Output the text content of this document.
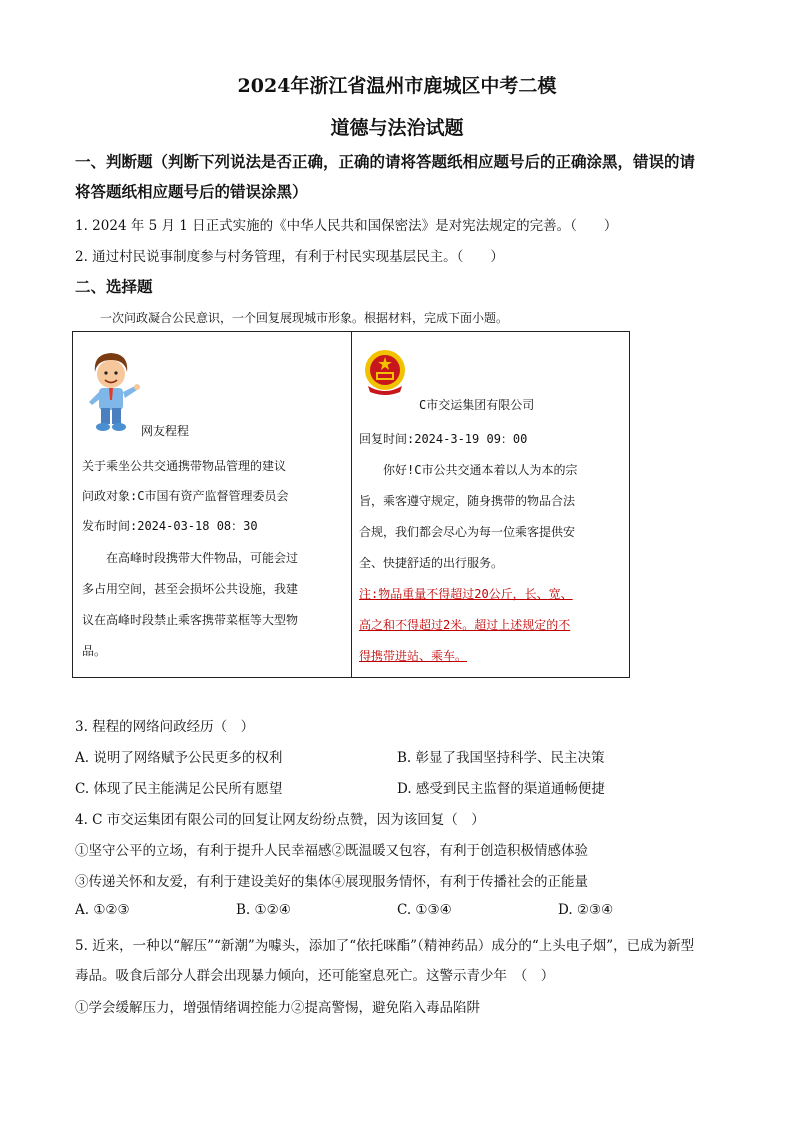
2024年浙江省温州市鹿城区中考二模
道德与法治试题
一、判断题（判断下列说法是否正确，正确的请将答题纸相应题号后的正确涂黑，错误的请
将答题纸相应题号后的错误涂黑）
1. 2024 年 5 月 1 日正式实施的《中华人民共和国保密法》是对宪法规定的完善。（　　）
2. 通过村民说事制度参与村务管理，有利于村民实现基层民主。（　　）
二、选择题
一次问政凝合公民意识，一个回复展现城市形象。根据材料，完成下面小题。
网友程程
关于乘坐公共交通携带物品管理的建议
问政对象:C市国有资产监督管理委员会
发布时间:2024-03-18 08：30
　　在高峰时段携带大件物品，可能会过
多占用空间，甚至会损坏公共设施，我建
议在高峰时段禁止乘客携带菜框等大型物
品。
C市交运集团有限公司
回复时间:2024-3-19 09：00
　　你好!C市公共交通本着以人为本的宗
旨，乘客遵守规定，随身携带的物品合法
合规，我们都会尽心为每一位乘客提供安
全、快捷舒适的出行服务。
注:物品重量不得超过20公斤，长、宽、
高之和不得超过2米。超过上述规定的不
得携带进站、乘车。
3. 程程的网络问政经历（　）
A. 说明了网络赋予公民更多的权利	B. 彰显了我国坚持科学、民主决策
C. 体现了民主能满足公民所有愿望	D. 感受到民主监督的渠道通畅便捷
4. C 市交运集团有限公司的回复让网友纷纷点赞，因为该回复（　）
①坚守公平的立场，有利于提升人民幸福感②既温暖又包容，有利于创造积极情感体验
③传递关怀和友爱，有利于建设美好的集体④展现服务情怀，有利于传播社会的正能量
A. ①②③	B. ①②④	C. ①③④	D. ②③④
5. 近来，一种以“解压”“新潮”为噱头，添加了“依托咪酯”（精神药品）成分的“上头电子烟”，已成为新型
毒品。吸食后部分人群会出现暴力倾向，还可能窒息死亡。这警示青少年　（　）
①学会缓解压力，增强情绪调控能力②提高警惕，避免陷入毒品陷阱
